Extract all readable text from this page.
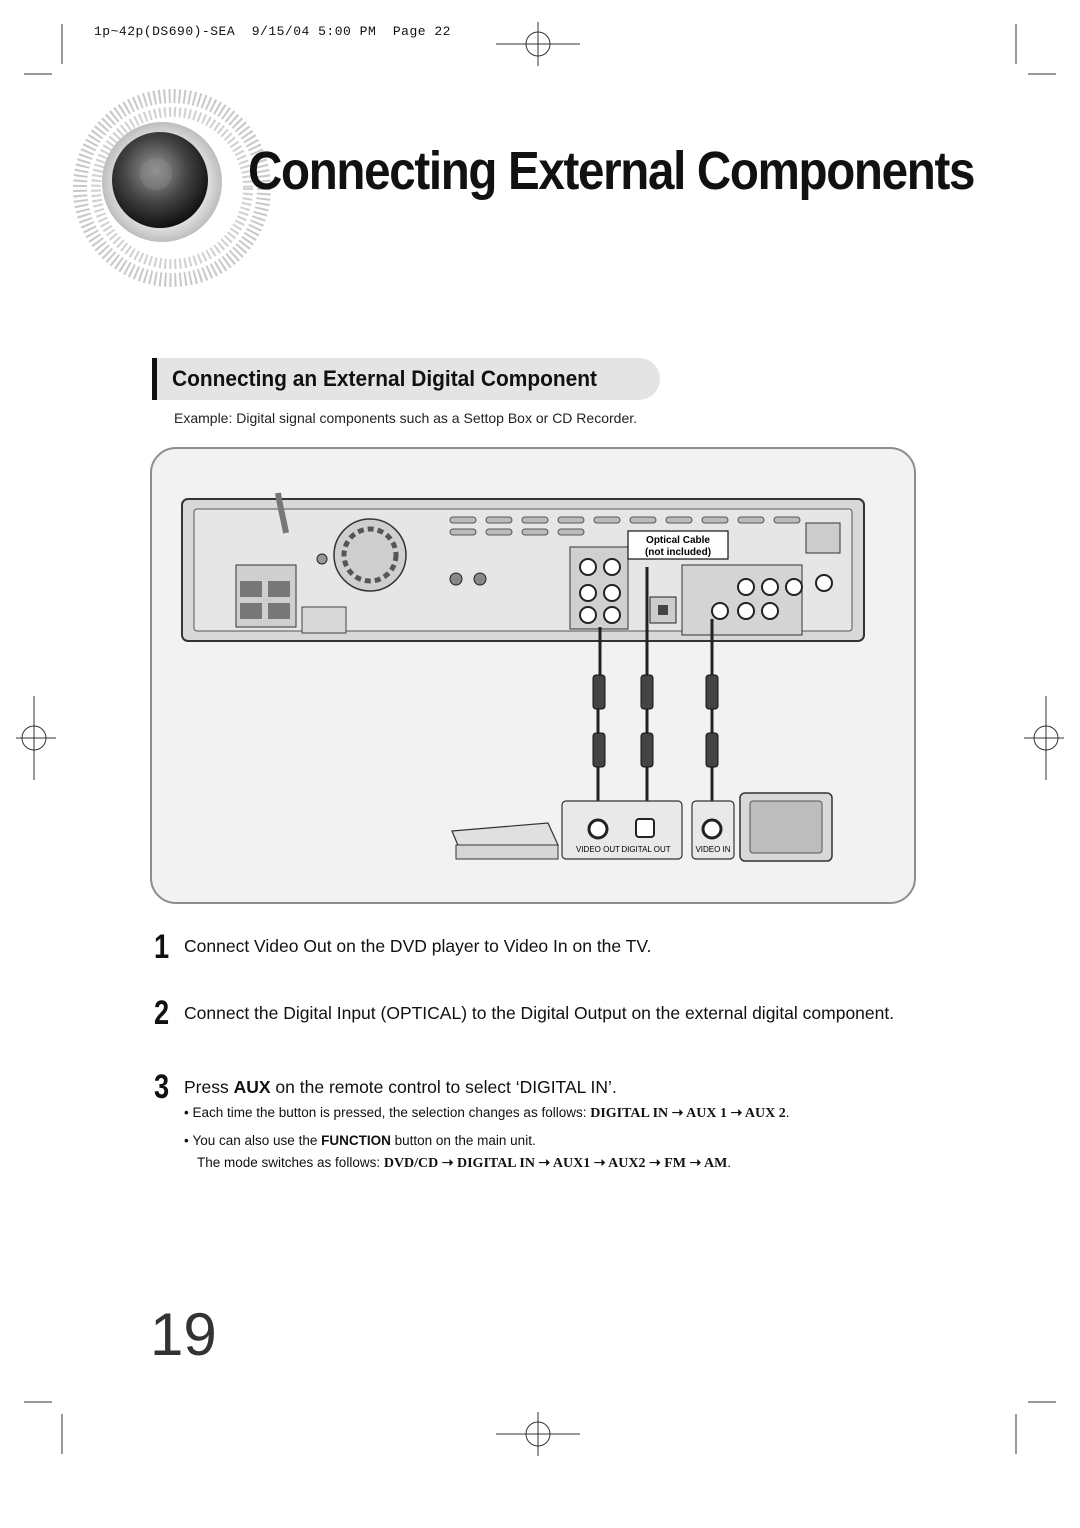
1p~42p(DS690)-SEA  9/15/04 5:00 PM  Page 22
Connecting External Components
Connecting an External Digital Component
Example: Digital signal components such as a Settop Box or CD Recorder.
Optical Cable
(not included)
VIDEO OUT DIGITAL OUT	VIDEO IN
1 Connect Video Out on the DVD player to Video In on the TV.
2 Connect the Digital Input (OPTICAL) to the Digital Output on the external digital component.
3 Press AUX on the remote control to select ‘DIGITAL IN’.
• Each time the button is pressed, the selection changes as follows: DIGITAL IN ➝ AUX 1 ➝ AUX 2.
• You can also use the FUNCTION button on the main unit.
The mode switches as follows: DVD/CD ➝ DIGITAL IN ➝ AUX1 ➝ AUX2 ➝ FM ➝ AM.
19
